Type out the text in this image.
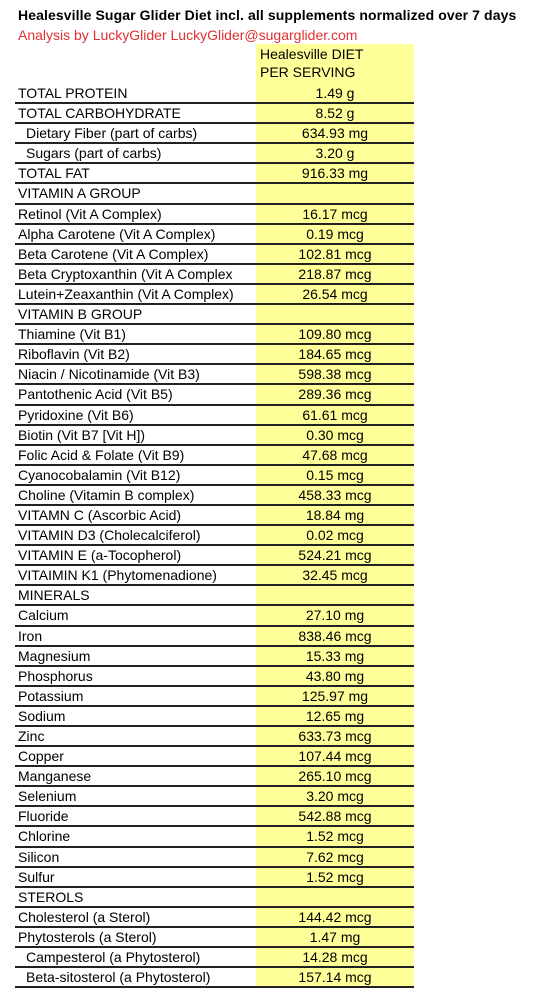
Healesville Sugar Glider Diet incl. all supplements normalized over 7 days
Analysis by LuckyGlider LuckyGlider@sugarglider.com
Healesville DIET
PER SERVING
TOTAL PROTEIN	1.49 g
TOTAL CARBOHYDRATE	8.52 g
Dietary Fiber (part of carbs)	634.93 mg
Sugars (part of carbs)	3.20 g
TOTAL FAT	916.33 mg
VITAMIN A GROUP
Retinol (Vit A Complex)	16.17 mcg
Alpha Carotene (Vit A Complex)	0.19 mcg
Beta Carotene (Vit A Complex)	102.81 mcg
Beta Cryptoxanthin (Vit A Complex	218.87 mcg
Lutein+Zeaxanthin (Vit A Complex)	26.54 mcg
VITAMIN B GROUP
Thiamine (Vit B1)	109.80 mcg
Riboflavin (Vit B2)	184.65 mcg
Niacin / Nicotinamide (Vit B3)	598.38 mcg
Pantothenic Acid (Vit B5)	289.36 mcg
Pyridoxine (Vit B6)	61.61 mcg
Biotin (Vit B7 [Vit H])	0.30 mcg
Folic Acid & Folate (Vit B9)	47.68 mcg
Cyanocobalamin (Vit B12)	0.15 mcg
Choline (Vitamin B complex)	458.33 mcg
VITAMN C (Ascorbic Acid)	18.84 mg
VITAMIN D3 (Cholecalciferol)	0.02 mcg
VITAMIN E (a-Tocopherol)	524.21 mcg
VITAIMIN K1 (Phytomenadione)	32.45 mcg
MINERALS
Calcium	27.10 mg
Iron	838.46 mcg
Magnesium	15.33 mg
Phosphorus	43.80 mg
Potassium	125.97 mg
Sodium	12.65 mg
Zinc	633.73 mcg
Copper	107.44 mcg
Manganese	265.10 mcg
Selenium	3.20 mcg
Fluoride	542.88 mcg
Chlorine	1.52 mcg
Silicon	7.62 mcg
Sulfur	1.52 mcg
STEROLS
Cholesterol (a Sterol)	144.42 mcg
Phytosterols (a Sterol)	1.47 mg
Campesterol (a Phytosterol)	14.28 mcg
Beta-sitosterol (a Phytosterol)	157.14 mcg
